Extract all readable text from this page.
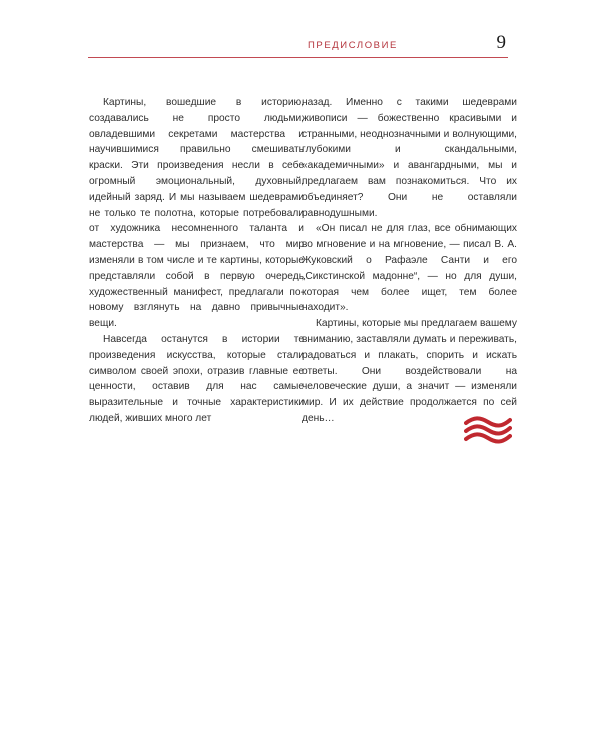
ПРЕДИСЛОВИЕ	9

Картины, вошедшие в историю, создавались не просто людьми, овладевшими секретами мастерства и научившимися правильно смешивать краски. Эти произведения несли в себе огромный эмоциональный, духовный, идейный заряд. И мы называем шедеврами не только те полотна, которые потребовали от художника несомненного таланта и мастерства — мы признаем, что мир изменяли в том числе и те картины, которые представляли собой в первую очередь художественный манифест, предлагали по-новому взглянуть на давно привычные вещи.

Навсегда останутся в истории те произведения искусства, которые стали символом своей эпохи, отразив главные ее ценности, оставив для нас самые выразительные и точные характеристики людей, живших много лет

назад. Именно с такими шедеврами живописи — божественно красивыми и странными, неоднозначными и волнующими, глубокими и скандальными, «академичными» и авангардными, мы и предлагаем вам познакомиться. Что их объединяет? Они не оставляли равнодушными.

«Он писал не для глаз, все обнимающих во мгновение и на мгновение, — писал В. А. Жуковский о Рафаэле Санти и его „Сикстинской мадонне“, — но для души, которая чем более ищет, тем более находит».

Картины, которые мы предлагаем вашему вниманию, заставляли думать и переживать, радоваться и плакать, спорить и искать ответы. Они воздействовали на человеческие души, а значит — изменяли мир. И их действие продолжается по сей день…
